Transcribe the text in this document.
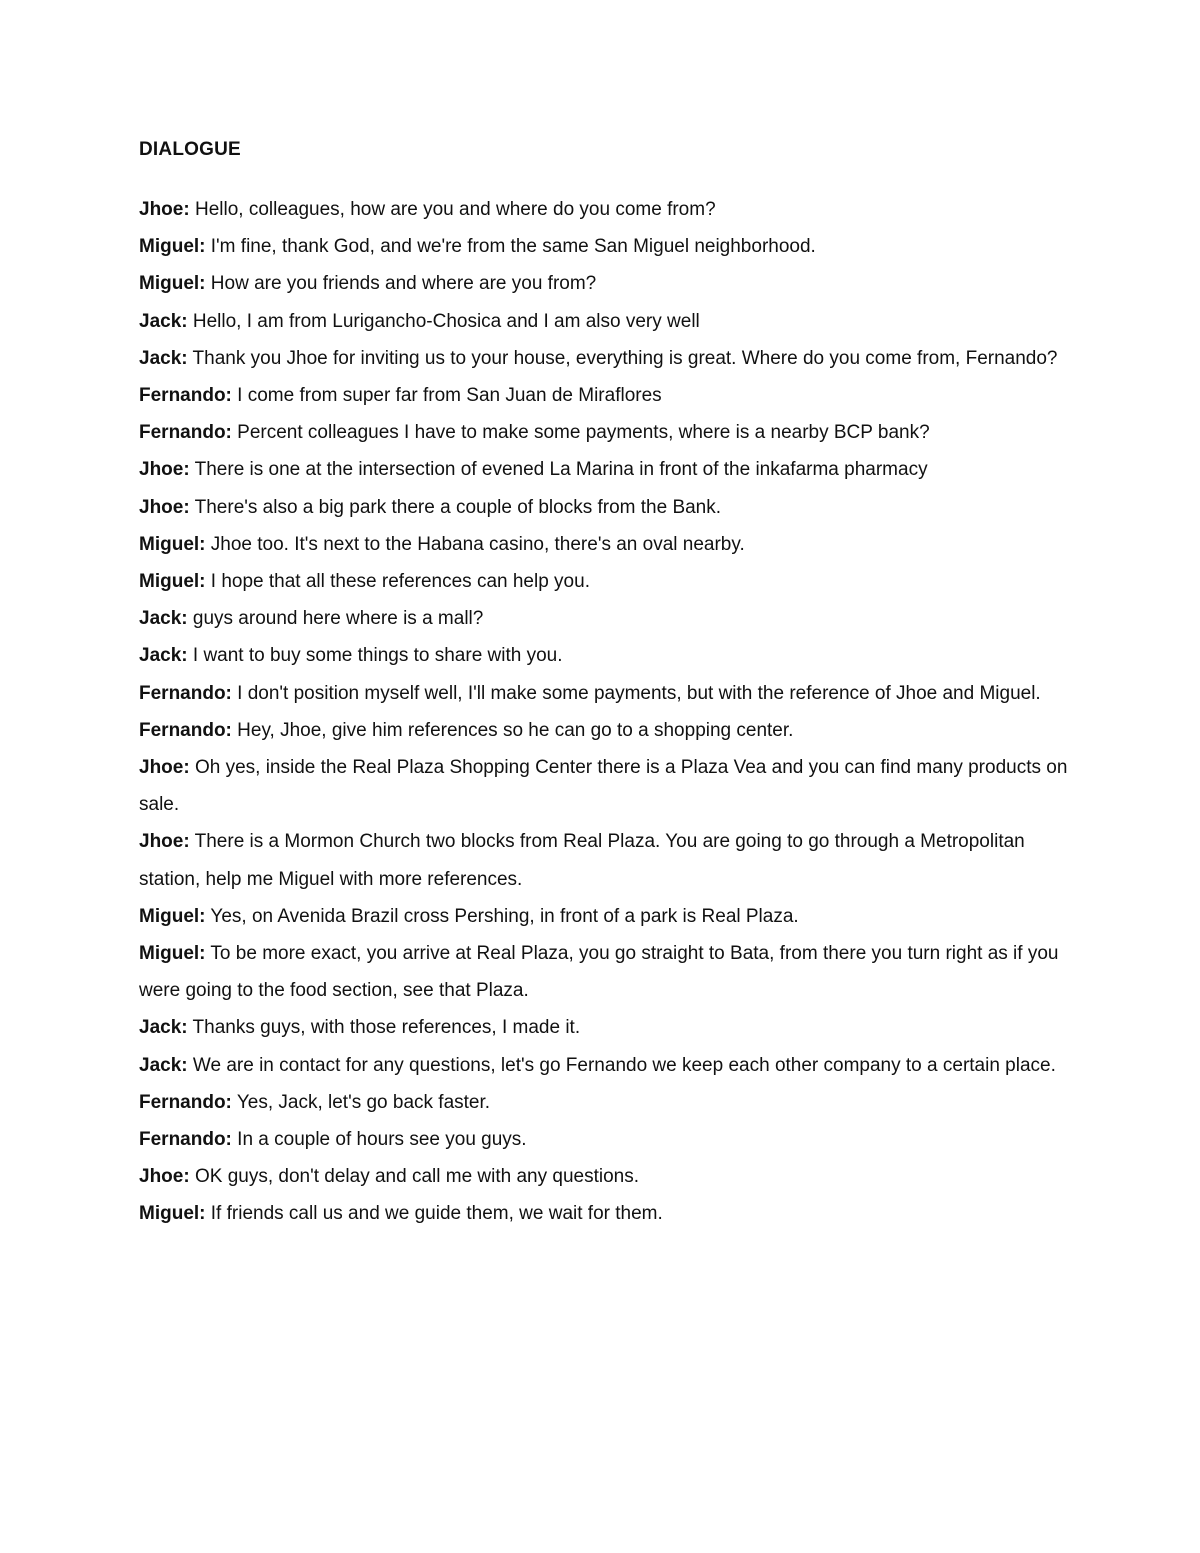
DIALOGUE

Jhoe: Hello, colleagues, how are you and where do you come from?

Miguel: I'm fine, thank God, and we're from the same San Miguel neighborhood.

Miguel: How are you friends and where are you from?

Jack: Hello, I am from Lurigancho-Chosica and I am also very well

Jack: Thank you Jhoe for inviting us to your house, everything is great. Where do you come from, Fernando?

Fernando: I come from super far from San Juan de Miraflores

Fernando: Percent colleagues I have to make some payments, where is a nearby BCP bank?

Jhoe: There is one at the intersection of evened La Marina in front of the inkafarma pharmacy

Jhoe: There's also a big park there a couple of blocks from the Bank.

Miguel: Jhoe too. It's next to the Habana casino, there's an oval nearby.

Miguel: I hope that all these references can help you.

Jack: guys around here where is a mall?

Jack: I want to buy some things to share with you.

Fernando: I don't position myself well, I'll make some payments, but with the reference of Jhoe and Miguel.

Fernando: Hey, Jhoe, give him references so he can go to a shopping center.

Jhoe: Oh yes, inside the Real Plaza Shopping Center there is a Plaza Vea and you can find many products on sale.

Jhoe: There is a Mormon Church two blocks from Real Plaza. You are going to go through a Metropolitan station, help me Miguel with more references.

Miguel: Yes, on Avenida Brazil cross Pershing, in front of a park is Real Plaza.

Miguel: To be more exact, you arrive at Real Plaza, you go straight to Bata, from there you turn right as if you were going to the food section, see that Plaza.

Jack: Thanks guys, with those references, I made it.

Jack: We are in contact for any questions, let's go Fernando we keep each other company to a certain place.

Fernando: Yes, Jack, let's go back faster.

Fernando: In a couple of hours see you guys.

Jhoe: OK guys, don't delay and call me with any questions.

Miguel: If friends call us and we guide them, we wait for them.
